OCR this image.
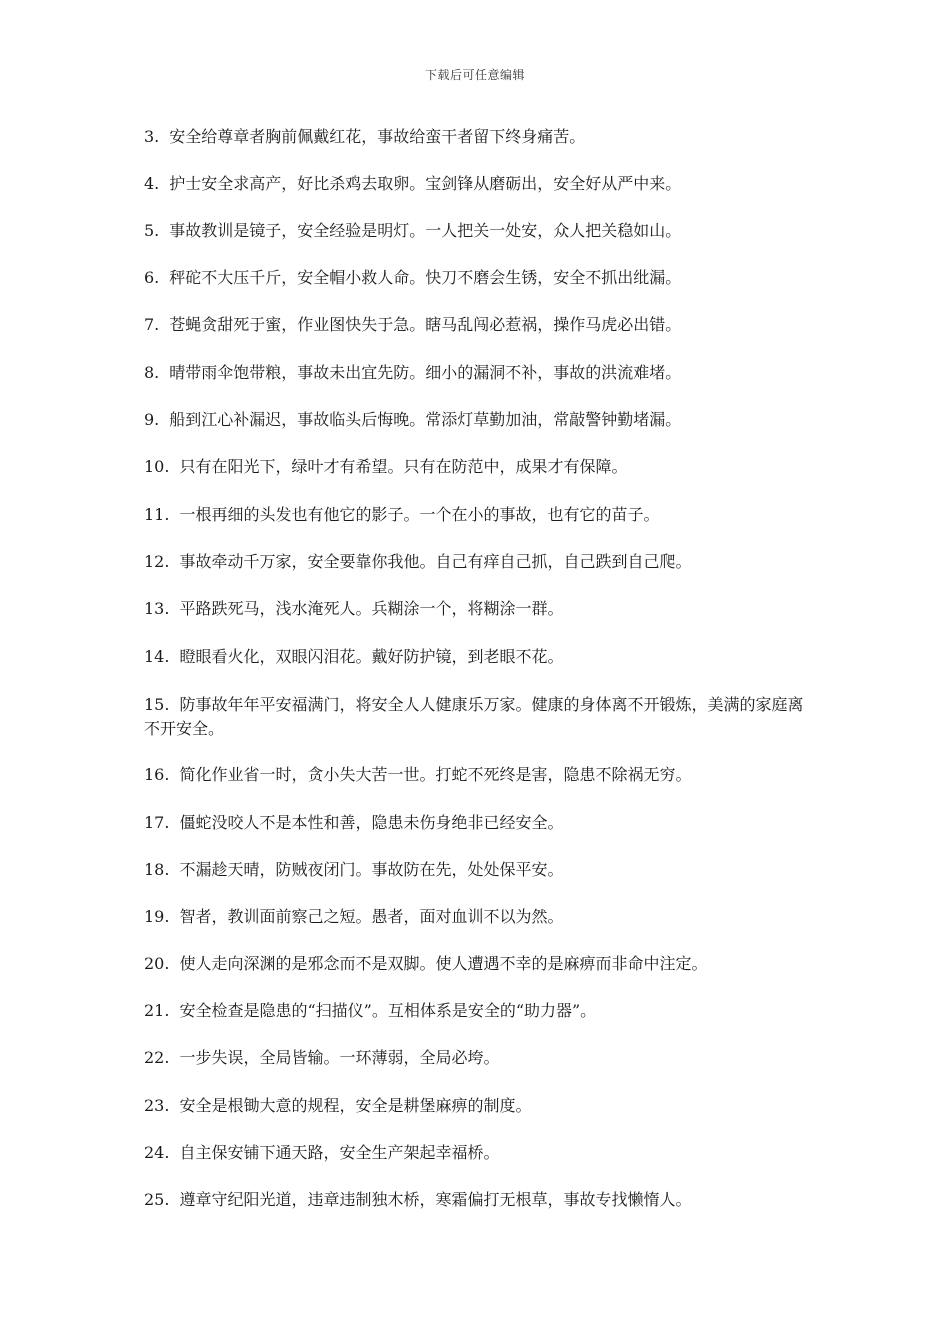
下载后可任意编辑
3. 安全给尊章者胸前佩戴红花，事故给蛮干者留下终身痛苦。
4. 护士安全求高产，好比杀鸡去取卵。宝剑锋从磨砺出，安全好从严中来。
5. 事故教训是镜子，安全经验是明灯。一人把关一处安，众人把关稳如山。
6. 秤砣不大压千斤，安全帽小救人命。快刀不磨会生锈，安全不抓出纰漏。
7. 苍蝇贪甜死于蜜，作业图快失于急。瞎马乱闯必惹祸，操作马虎必出错。
8. 晴带雨伞饱带粮，事故未出宜先防。细小的漏洞不补，事故的洪流难堵。
9. 船到江心补漏迟，事故临头后悔晚。常添灯草勤加油，常敲警钟勤堵漏。
10. 只有在阳光下，绿叶才有希望。只有在防范中，成果才有保障。
11. 一根再细的头发也有他它的影子。一个在小的事故，也有它的苗子。
12. 事故牵动千万家，安全要靠你我他。自己有痒自己抓，自己跌到自己爬。
13. 平路跌死马，浅水淹死人。兵糊涂一个，将糊涂一群。
14. 瞪眼看火化，双眼闪泪花。戴好防护镜，到老眼不花。
15. 防事故年年平安福满门，将安全人人健康乐万家。健康的身体离不开锻炼，美满的家庭离不开安全。
16. 简化作业省一时，贪小失大苦一世。打蛇不死终是害，隐患不除祸无穷。
17. 僵蛇没咬人不是本性和善，隐患未伤身绝非已经安全。
18. 不漏趁天晴，防贼夜闭门。事故防在先，处处保平安。
19. 智者，教训面前察己之短。愚者，面对血训不以为然。
20. 使人走向深渊的是邪念而不是双脚。使人遭遇不幸的是麻痹而非命中注定。
21. 安全检查是隐患的“扫描仪”。互相体系是安全的“助力器”。
22. 一步失误，全局皆输。一环薄弱，全局必垮。
23. 安全是根锄大意的规程，安全是耕堡麻痹的制度。
24. 自主保安铺下通天路，安全生产架起幸福桥。
25. 遵章守纪阳光道，违章违制独木桥，寒霜偏打无根草，事故专找懒惰人。
